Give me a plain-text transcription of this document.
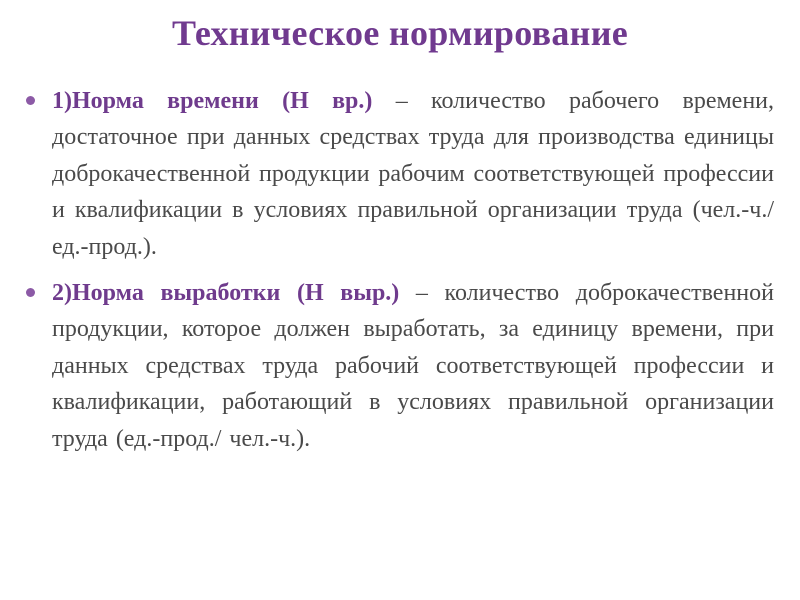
Техническое нормирование
1)Норма времени (Н вр.) – количество рабочего времени, достаточное при данных средствах труда для производства единицы доброкачественной продукции рабочим соответствующей профессии и квалификации в условиях правильной организации труда (чел.-ч./ед.-прод.).
2)Норма выработки (Н выр.) – количество доброкачественной продукции, которое должен выработать, за единицу времени, при данных средствах труда рабочий соответствующей профессии и квалификации, работающий в условиях правильной организации труда (ед.-прод./ чел.-ч.).
